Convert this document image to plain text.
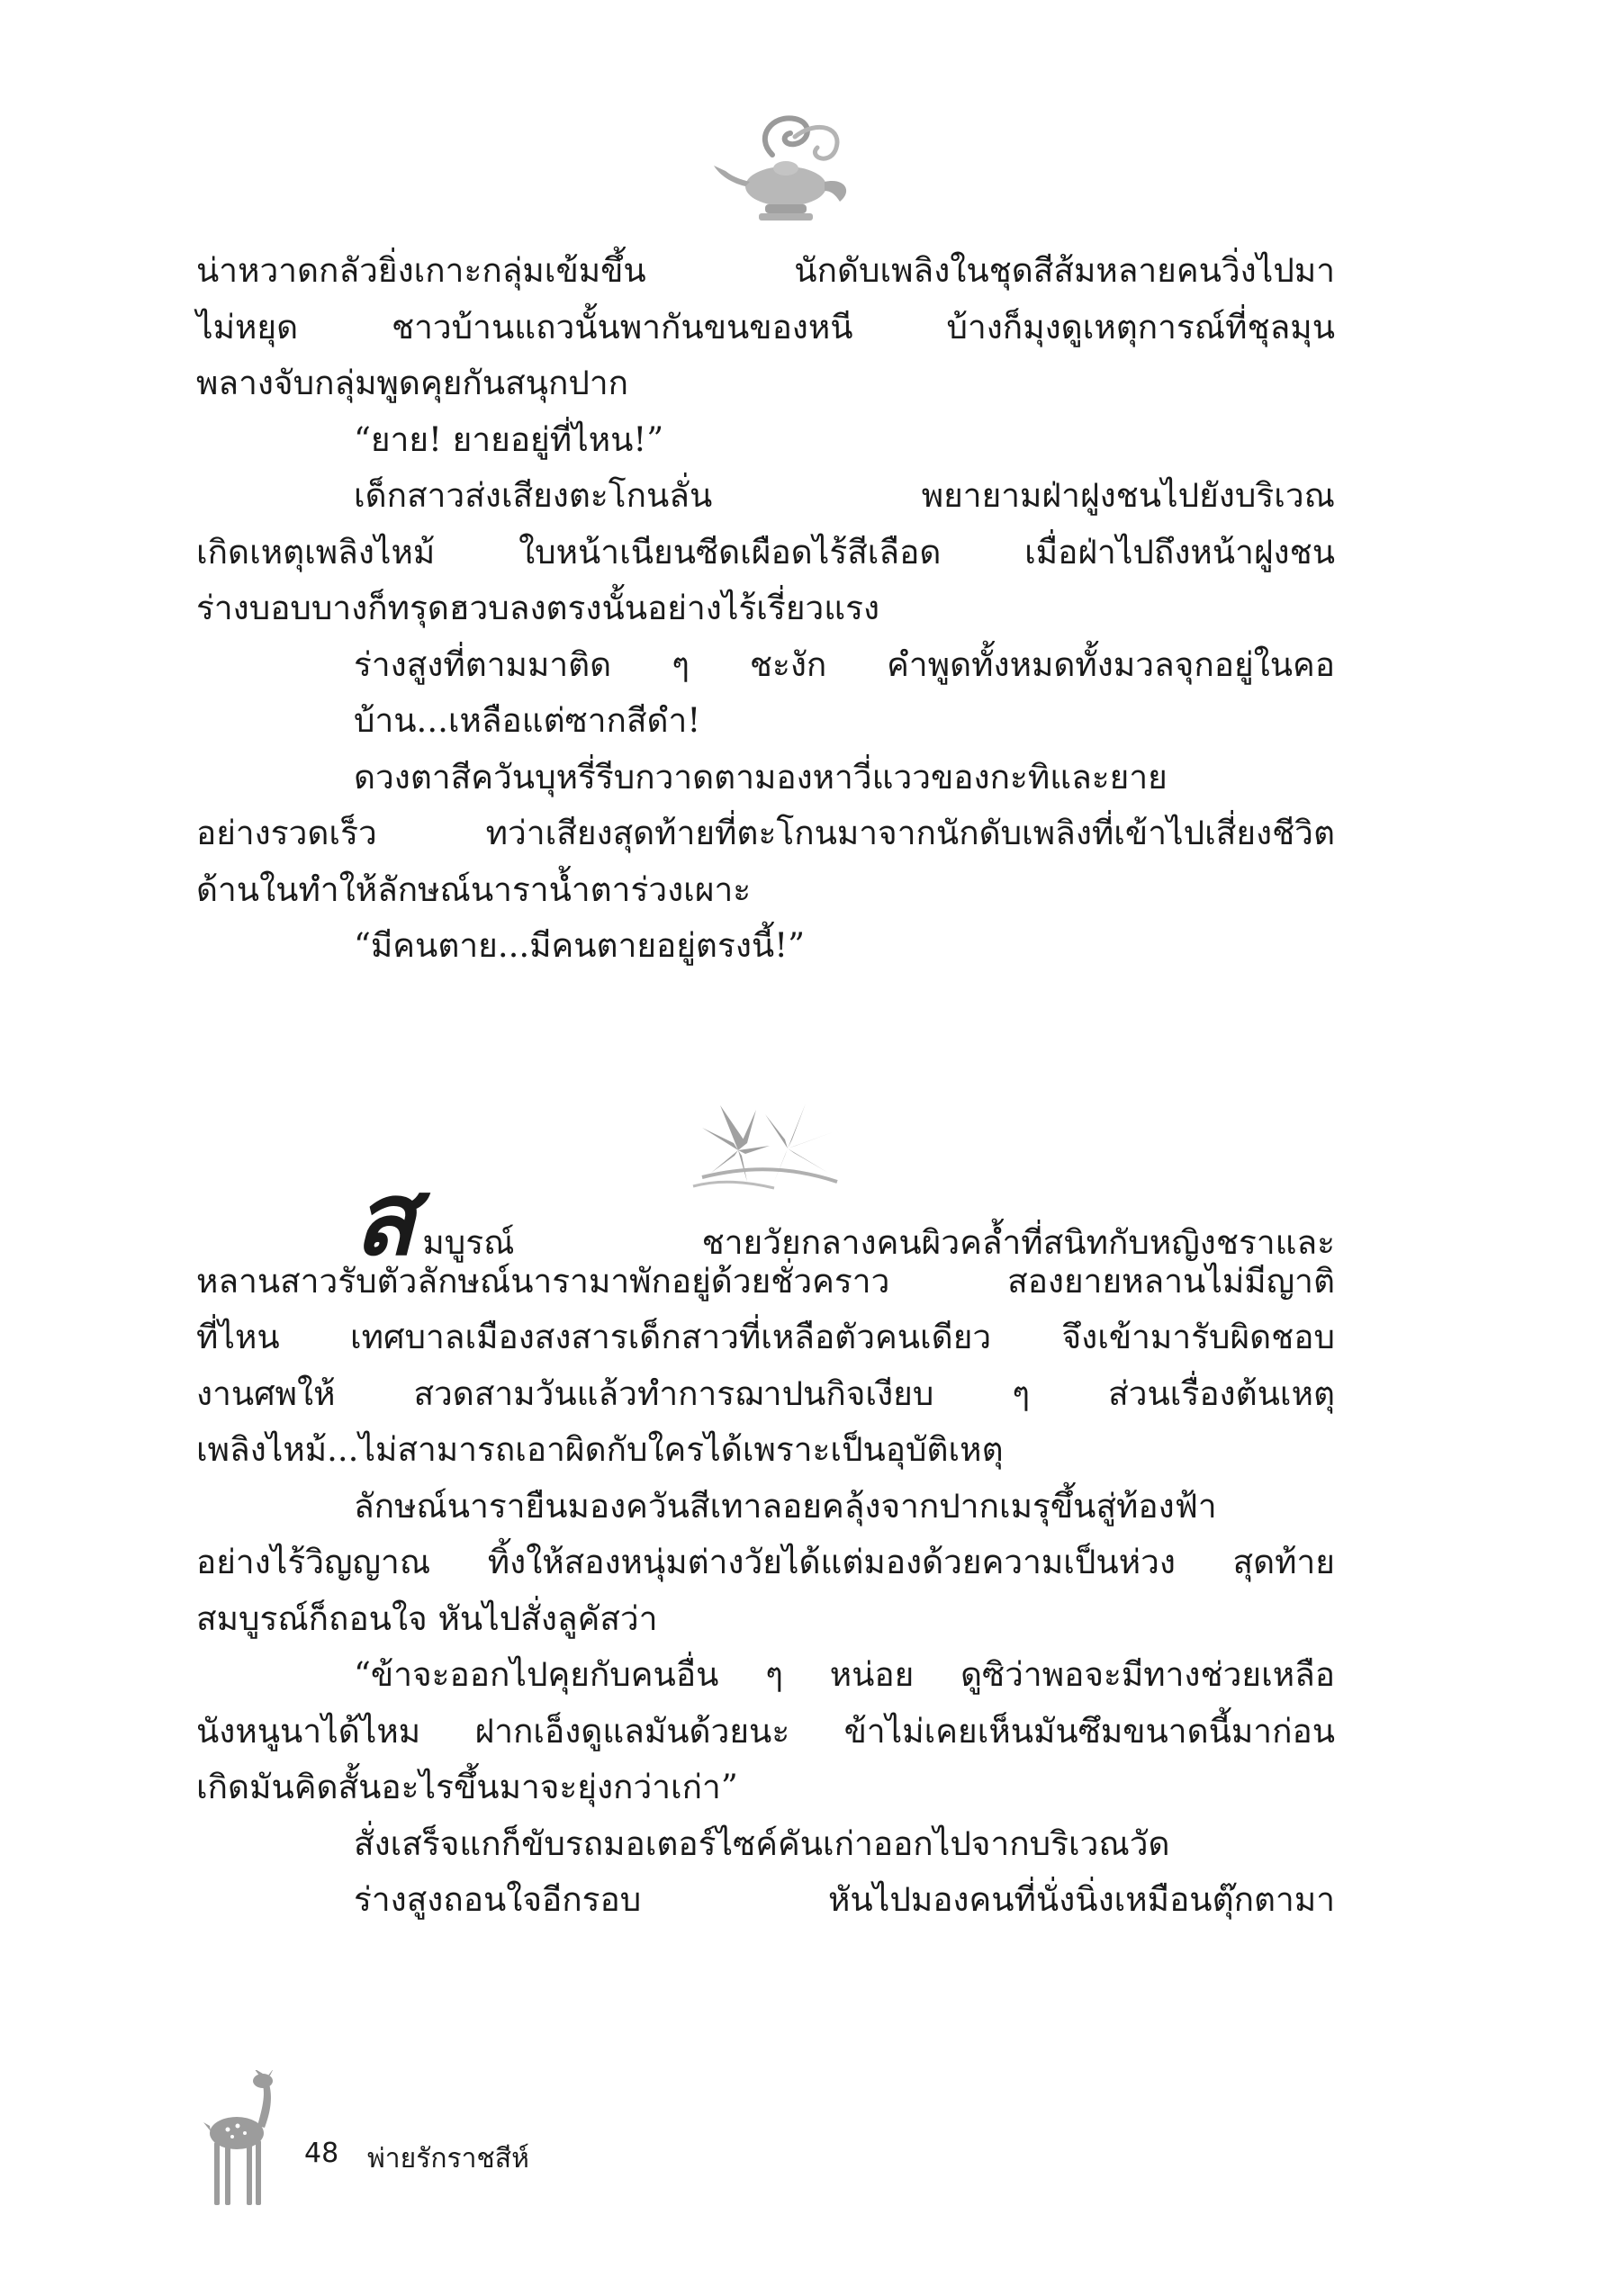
น่าหวาดกลัวยิ่งเกาะกลุ่มเข้มขึ้น นักดับเพลิงในชุดสีส้มหลายคนวิ่งไปมา
ไม่หยุด ชาวบ้านแถวนั้นพากันขนของหนี บ้างก็มุงดูเหตุการณ์ที่ชุลมุน
พลางจับกลุ่มพูดคุยกันสนุกปาก
“ยาย! ยายอยู่ที่ไหน!”
เด็กสาวส่งเสียงตะโกนลั่น พยายามฝ่าฝูงชนไปยังบริเวณ
เกิดเหตุเพลิงไหม้ ใบหน้าเนียนซีดเผือดไร้สีเลือด เมื่อฝ่าไปถึงหน้าฝูงชน
ร่างบอบบางก็ทรุดฮวบลงตรงนั้นอย่างไร้เรี่ยวแรง
ร่างสูงที่ตามมาติด ๆ ชะงัก คำพูดทั้งหมดทั้งมวลจุกอยู่ในคอ
บ้าน...เหลือแต่ซากสีดำ!
ดวงตาสีควันบุหรี่รีบกวาดตามองหาวี่แววของกะทิและยาย
อย่างรวดเร็ว ทว่าเสียงสุดท้ายที่ตะโกนมาจากนักดับเพลิงที่เข้าไปเสี่ยงชีวิต
ด้านในทำให้ลักษณ์นาราน้ำตาร่วงเผาะ
“มีคนตาย...มีคนตายอยู่ตรงนี้!”
สมบูรณ์ ชายวัยกลางคนผิวคล้ำที่สนิทกับหญิงชราและ
หลานสาวรับตัวลักษณ์นารามาพักอยู่ด้วยชั่วคราว สองยายหลานไม่มีญาติ
ที่ไหน เทศบาลเมืองสงสารเด็กสาวที่เหลือตัวคนเดียว จึงเข้ามารับผิดชอบ
งานศพให้ สวดสามวันแล้วทำการฌาปนกิจเงียบ ๆ ส่วนเรื่องต้นเหตุ
เพลิงไหม้...ไม่สามารถเอาผิดกับใครได้เพราะเป็นอุบัติเหตุ
ลักษณ์นารายืนมองควันสีเทาลอยคลุ้งจากปากเมรุขึ้นสู่ท้องฟ้า
อย่างไร้วิญญาณ ทิ้งให้สองหนุ่มต่างวัยได้แต่มองด้วยความเป็นห่วง สุดท้าย
สมบูรณ์ก็ถอนใจ หันไปสั่งลูคัสว่า
“ข้าจะออกไปคุยกับคนอื่น ๆ หน่อย ดูซิว่าพอจะมีทางช่วยเหลือ
นังหนูนาได้ไหม ฝากเอ็งดูแลมันด้วยนะ ข้าไม่เคยเห็นมันซึมขนาดนี้มาก่อน
เกิดมันคิดสั้นอะไรขึ้นมาจะยุ่งกว่าเก่า”
สั่งเสร็จแกก็ขับรถมอเตอร์ไซค์คันเก่าออกไปจากบริเวณวัด
ร่างสูงถอนใจอีกรอบ หันไปมองคนที่นั่งนิ่งเหมือนตุ๊กตามา
48 พ่ายรักราชสีห์
